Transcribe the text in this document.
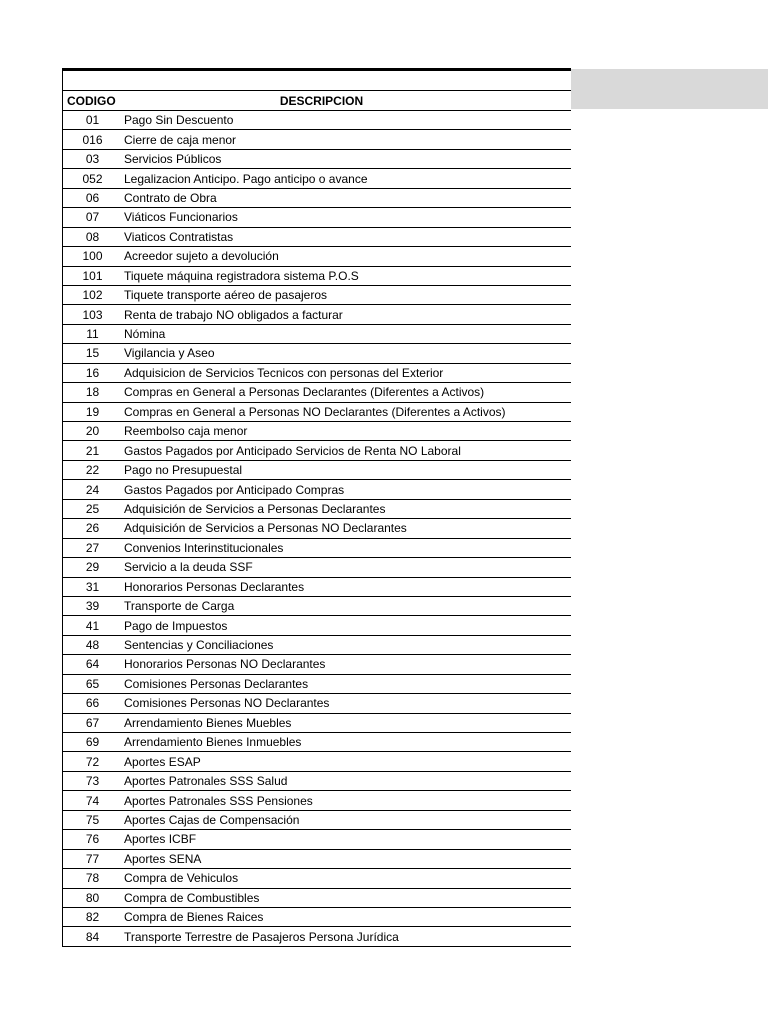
CODIGO	DESCRIPCION
01	Pago Sin Descuento
016	Cierre de caja menor
03	Servicios Públicos
052	Legalizacion Anticipo. Pago anticipo o avance
06	Contrato de Obra
07	Viáticos Funcionarios
08	Viaticos Contratistas
100	Acreedor sujeto a devolución
101	Tiquete máquina registradora sistema P.O.S
102	Tiquete transporte aéreo de pasajeros
103	Renta de trabajo NO obligados a facturar
11	Nómina
15	Vigilancia y Aseo
16	Adquisicion de Servicios Tecnicos con personas del Exterior
18	Compras en General a Personas Declarantes (Diferentes a Activos)
19	Compras en General a Personas NO Declarantes (Diferentes a Activos)
20	Reembolso caja menor
21	Gastos Pagados por Anticipado Servicios de Renta NO Laboral
22	Pago no Presupuestal
24	Gastos Pagados por Anticipado Compras
25	Adquisición de Servicios a Personas Declarantes
26	Adquisición de Servicios a Personas NO Declarantes
27	Convenios Interinstitucionales
29	Servicio a la deuda SSF
31	Honorarios Personas Declarantes
39	Transporte de Carga
41	Pago de Impuestos
48	Sentencias y Conciliaciones
64	Honorarios Personas NO Declarantes
65	Comisiones Personas Declarantes
66	Comisiones Personas NO Declarantes
67	Arrendamiento Bienes Muebles
69	Arrendamiento Bienes Inmuebles
72	Aportes ESAP
73	Aportes Patronales SSS Salud
74	Aportes Patronales SSS Pensiones
75	Aportes Cajas de Compensación
76	Aportes ICBF
77	Aportes SENA
78	Compra de Vehiculos
80	Compra de Combustibles
82	Compra de Bienes Raices
84	Transporte Terrestre de Pasajeros Persona Jurídica
